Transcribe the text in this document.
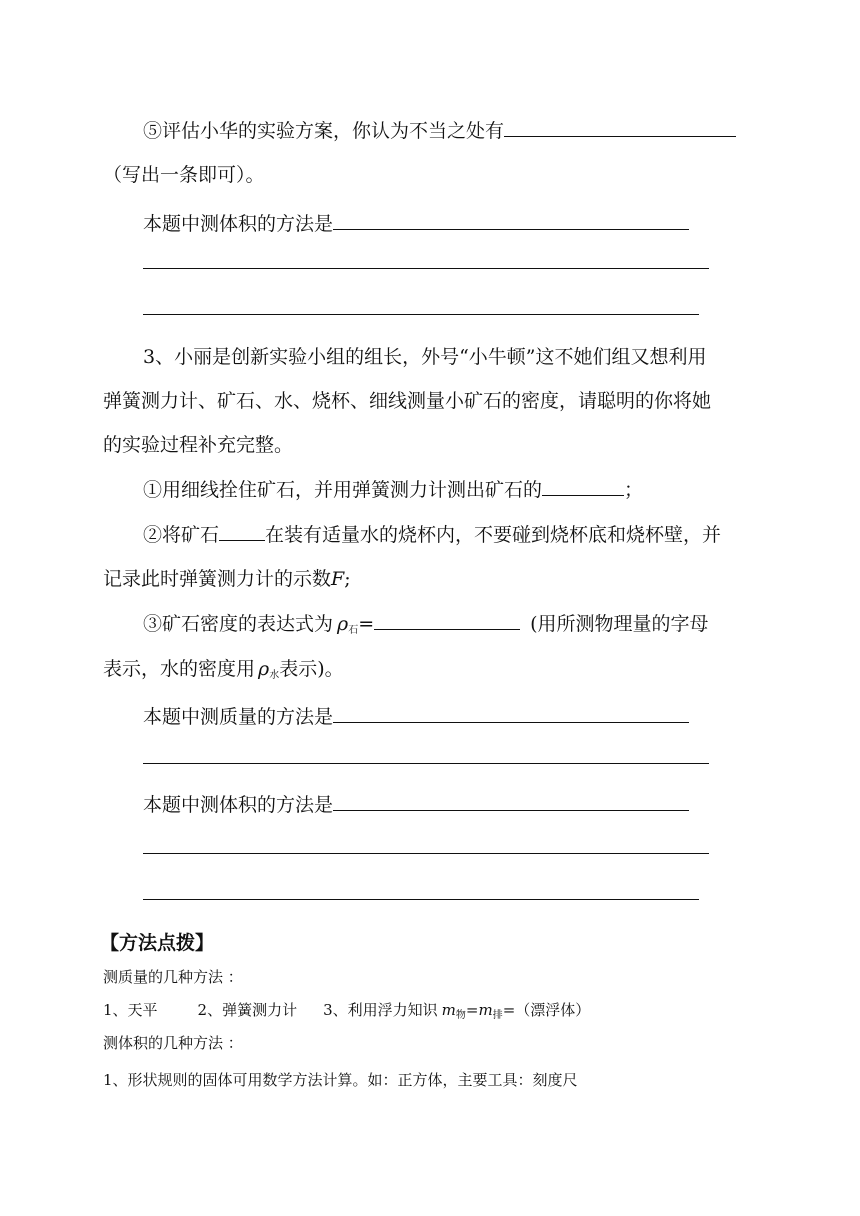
⑤评估小华的实验方案，你认为不当之处有
（写出一条即可）。
本题中测体积的方法是
3、小丽是创新实验小组的组长，外号“小牛顿”这不她们组又想利用
弹簧测力计、矿石、水、烧杯、细线测量小矿石的密度，请聪明的你将她
的实验过程补充完整。
①用细线拴住矿石，并用弹簧测力计测出矿石的	；
②将矿石 在装有适量水的烧杯内，不要碰到烧杯底和烧杯壁，并
记录此时弹簧测力计的示数F;
③矿石密度的表达式为 $\rho_石=$	(用所测物理量的字母
表示，水的密度用 $\rho_水$表示)。
本题中测质量的方法是
本题中测体积的方法是
【方法点拨】
测质量的几种方法 ：
1、天平	2、弹簧测力计 3、利用浮力知识 $m_物=m_排=$（漂浮体）
测体积的几种方法 ：
1、形状规则的固体可用数学方法计算。如：正方体，主要工具：刻度尺
